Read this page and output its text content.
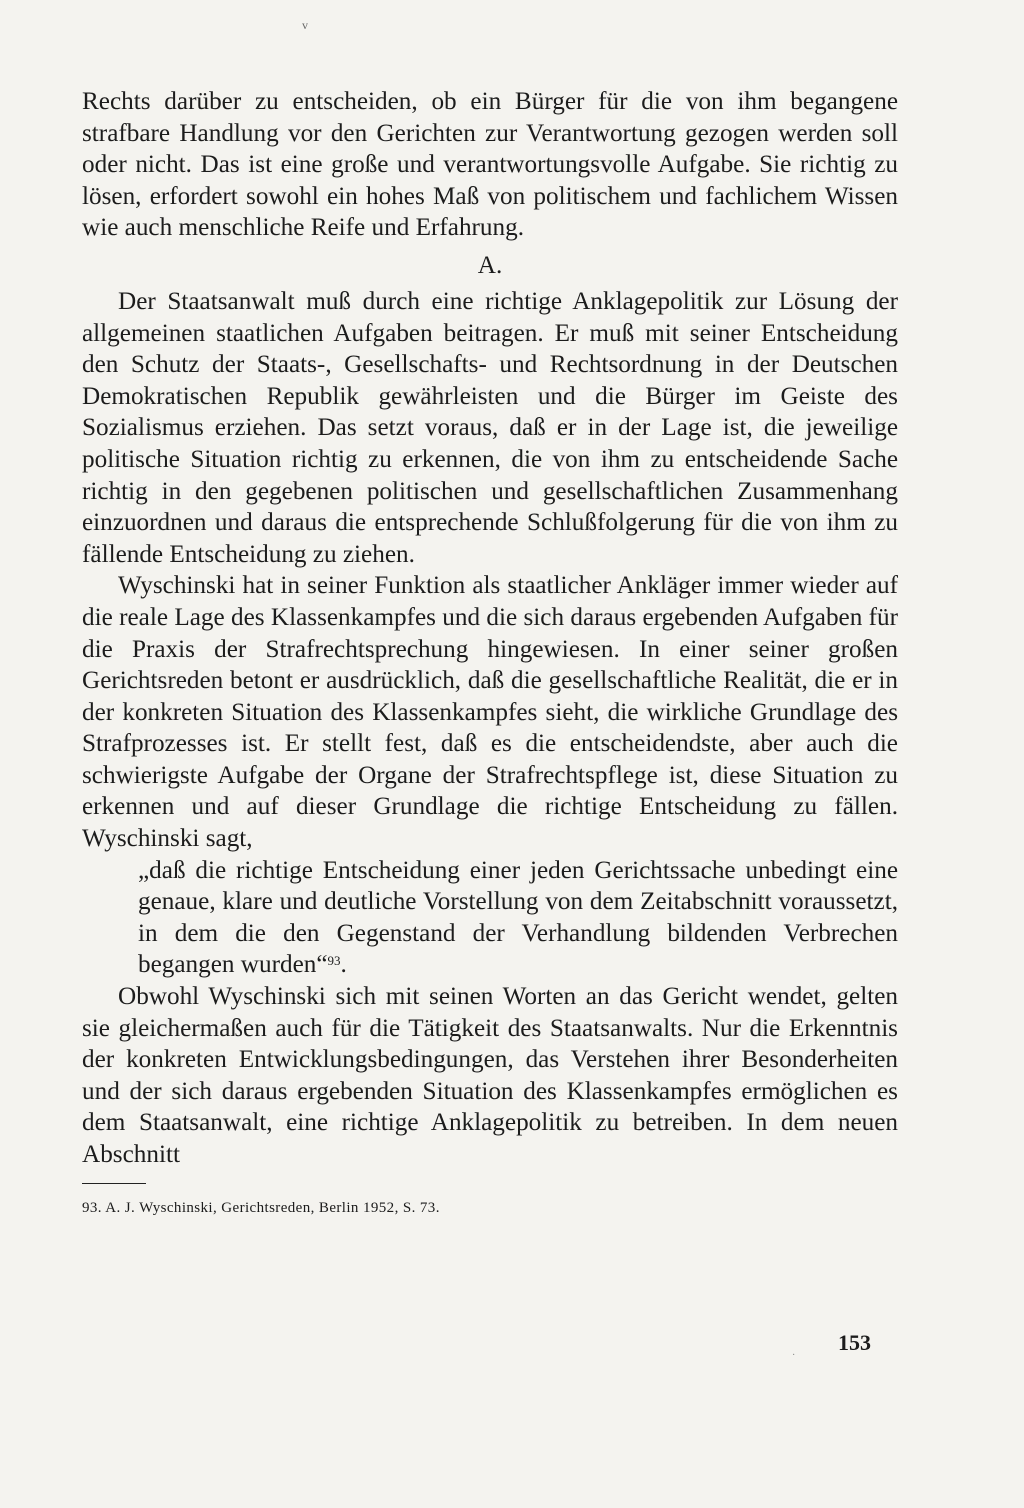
v

Rechts darüber zu entscheiden, ob ein Bürger für die von ihm begangene strafbare Handlung vor den Gerichten zur Verantwortung gezogen werden soll oder nicht. Das ist eine große und verantwortungsvolle Aufgabe. Sie richtig zu lösen, erfordert sowohl ein hohes Maß von politischem und fachlichem Wissen wie auch menschliche Reife und Erfahrung.

A.

Der Staatsanwalt muß durch eine richtige Anklagepolitik zur Lösung der allgemeinen staatlichen Aufgaben beitragen. Er muß mit seiner Entscheidung den Schutz der Staats-, Gesellschafts- und Rechtsordnung in der Deutschen Demokratischen Republik gewährleisten und die Bürger im Geiste des Sozialismus erziehen. Das setzt voraus, daß er in der Lage ist, die jeweilige politische Situation richtig zu erkennen, die von ihm zu entscheidende Sache richtig in den gegebenen politischen und gesellschaftlichen Zusammenhang einzuordnen und daraus die entsprechende Schlußfolgerung für die von ihm zu fällende Entscheidung zu ziehen.

Wyschinski hat in seiner Funktion als staatlicher Ankläger immer wieder auf die reale Lage des Klassenkampfes und die sich daraus ergebenden Aufgaben für die Praxis der Strafrechtsprechung hingewiesen. In einer seiner großen Gerichtsreden betont er ausdrücklich, daß die gesellschaftliche Realität, die er in der konkreten Situation des Klassenkampfes sieht, die wirkliche Grundlage des Strafprozesses ist. Er stellt fest, daß es die entscheidendste, aber auch die schwierigste Aufgabe der Organe der Strafrechtspflege ist, diese Situation zu erkennen und auf dieser Grundlage die richtige Entscheidung zu fällen. Wyschinski sagt,

„daß die richtige Entscheidung einer jeden Gerichtssache unbedingt eine genaue, klare und deutliche Vorstellung von dem Zeitabschnitt voraussetzt, in dem die den Gegenstand der Verhandlung bildenden Verbrechen begangen wurden“$^{93}$.

Obwohl Wyschinski sich mit seinen Worten an das Gericht wendet, gelten sie gleichermaßen auch für die Tätigkeit des Staatsanwalts. Nur die Erkenntnis der konkreten Entwicklungsbedingungen, das Verstehen ihrer Besonderheiten und der sich daraus ergebenden Situation des Klassenkampfes ermöglichen es dem Staatsanwalt, eine richtige Anklagepolitik zu betreiben. In dem neuen Abschnitt

93. A. J. Wyschinski, Gerichtsreden, Berlin 1952, S. 73.
·
153
